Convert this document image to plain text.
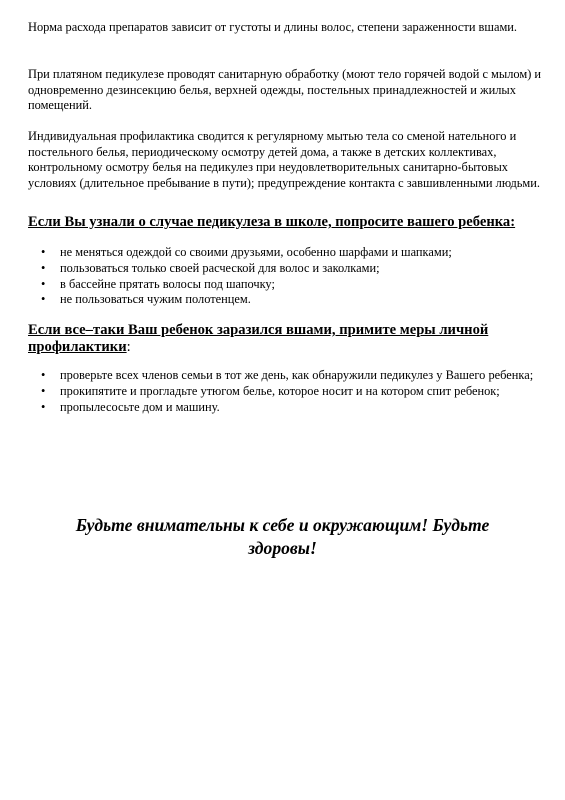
Норма расхода препаратов зависит от густоты и длины волос, степени зараженности вшами.

При платяном педикулезе проводят санитарную обработку (моют тело горячей водой с мылом) и одновременно дезинсекцию белья, верхней одежды, постельных принадлежностей и жилых помещений.

Индивидуальная профилактика сводится к регулярному мытью тела со сменой нательного и постельного белья, периодическому осмотру детей дома, а также в детских коллективах, контрольному осмотру белья на педикулез при неудовлетворительных санитарно-бытовых условиях (длительное пребывание в пути); предупреждение контакта с завшивленными людьми.

Если Вы узнали о случае педикулеза в школе, попросите вашего ребенка:
•	не меняться одеждой со своими друзьями, особенно шарфами и шапками;
•	пользоваться только своей расческой для волос и заколками;
•	в бассейне прятать волосы под шапочку;
•	не пользоваться чужим полотенцем.
Если все–таки Ваш ребенок заразился вшами, примите меры личной профилактики:
•	проверьте всех членов семьи в тот же день, как обнаружили педикулез у Вашего ребенка;
•	прокипятите и прогладьте утюгом белье, которое носит и на котором спит ребенок;
•	пропылесосьте дом и машину.

Будьте внимательны к себе и окружающим! Будьте здоровы!
